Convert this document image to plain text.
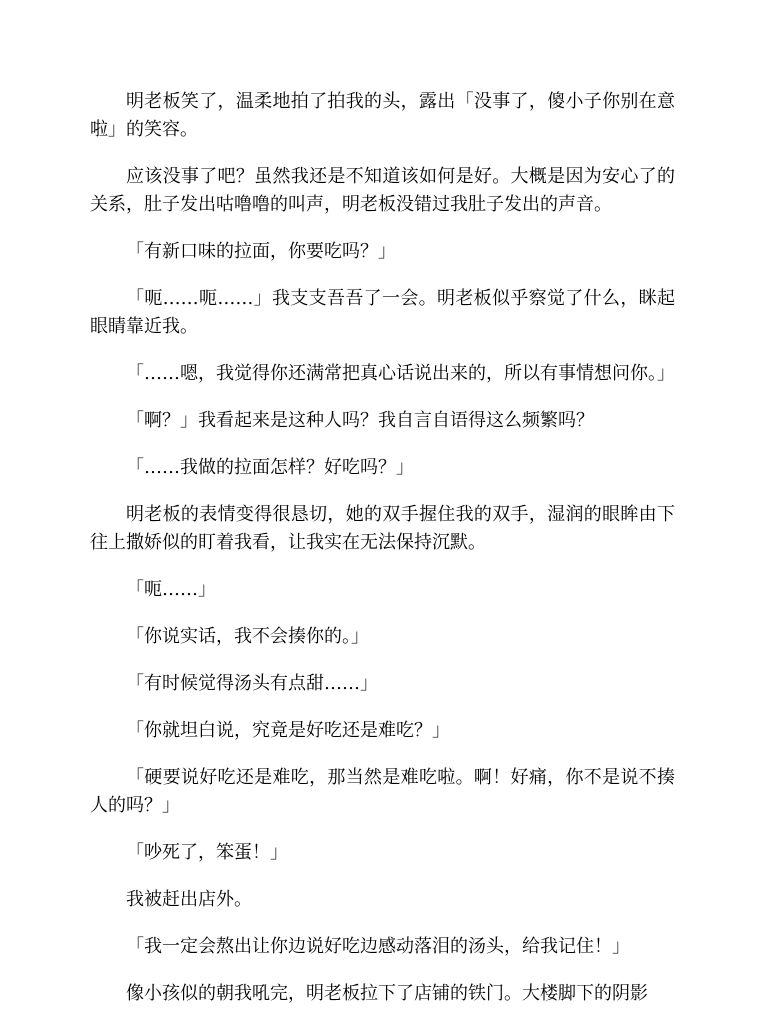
明老板笑了，温柔地拍了拍我的头，露出「没事了，傻小子你别在意啦」的笑容。

应该没事了吧？虽然我还是不知道该如何是好。大概是因为安心了的关系，肚子发出咕噜噜的叫声，明老板没错过我肚子发出的声音。

「有新口味的拉面，你要吃吗？」

「呃……呃……」我支支吾吾了一会。明老板似乎察觉了什么，眯起眼睛靠近我。

「……嗯，我觉得你还满常把真心话说出来的，所以有事情想问你。」

「啊？」我看起来是这种人吗？我自言自语得这么频繁吗？

「……我做的拉面怎样？好吃吗？」

明老板的表情变得很恳切，她的双手握住我的双手，湿润的眼眸由下往上撒娇似的盯着我看，让我实在无法保持沉默。

「呃……」

「你说实话，我不会揍你的。」

「有时候觉得汤头有点甜……」

「你就坦白说，究竟是好吃还是难吃？」

「硬要说好吃还是难吃，那当然是难吃啦。啊！好痛，你不是说不揍人的吗？」

「吵死了，笨蛋！」

我被赶出店外。

「我一定会熬出让你边说好吃边感动落泪的汤头，给我记住！」

像小孩似的朝我吼完，明老板拉下了店铺的铁门。大楼脚下的阴影
